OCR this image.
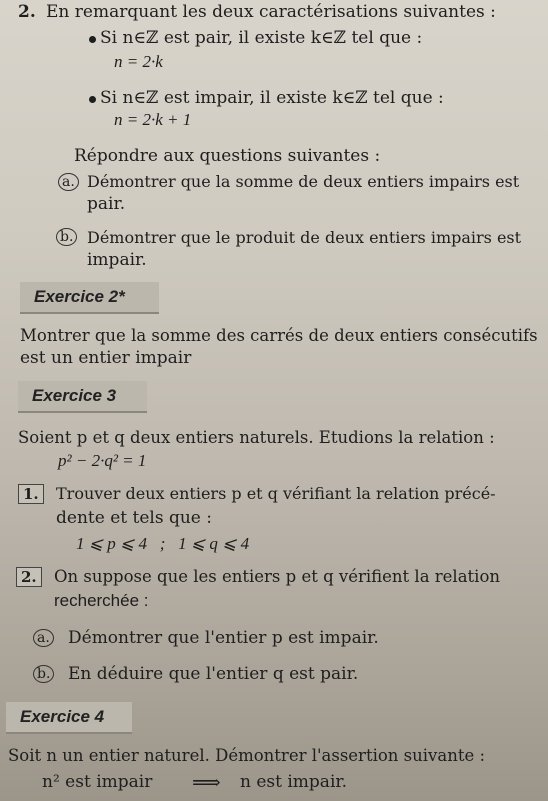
2. En remarquant les deux caractérisations suivantes :
Si n∈ℤ est pair, il existe k∈ℤ tel que :
n = 2·k
Si n∈ℤ est impair, il existe k∈ℤ tel que :
n = 2·k + 1
Répondre aux questions suivantes :
a. Démontrer que la somme de deux entiers impairs est
pair.
b. Démontrer que le produit de deux entiers impairs est
impair.
Exercice 2*
Montrer que la somme des carrés de deux entiers consécutifs
est un entier impair
Exercice 3
Soient p et q deux entiers naturels. Etudions la relation :
p² − 2·q² = 1
1.	Trouver deux entiers p et q vérifiant la relation précé-
dente et tels que :
1 ⩽ p ⩽ 4   ;   1 ⩽ q ⩽ 4
2.	On suppose que les entiers p et q vérifient la relation
recherchée :
a. Démontrer que l'entier p est impair.
b. En déduire que l'entier q est pair.
Exercice 4
Soit n un entier naturel. Démontrer l'assertion suivante :
n² est impair ⟹ n est impair.
